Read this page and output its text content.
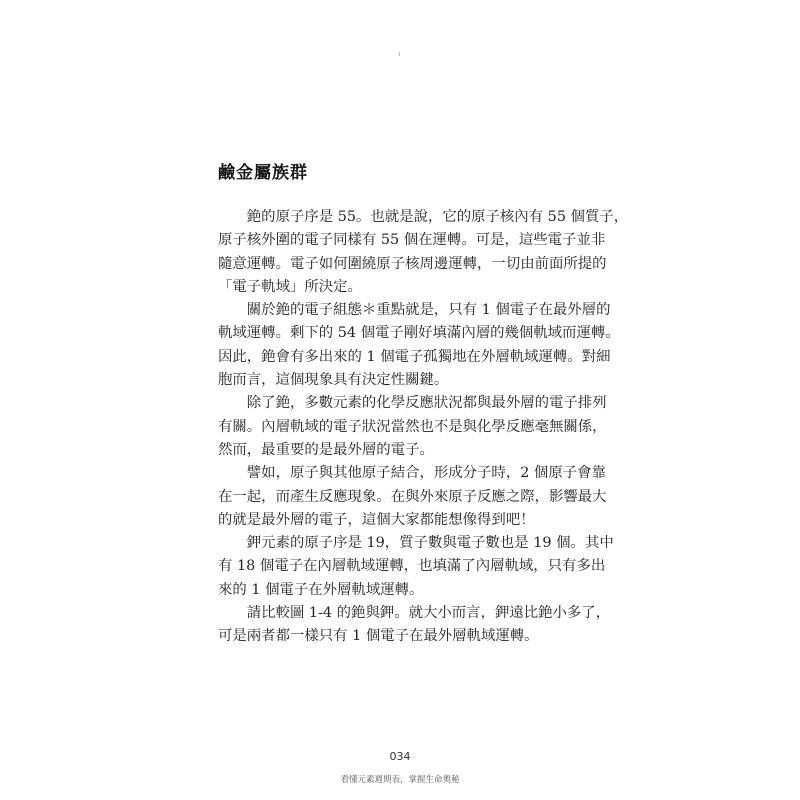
鹼金屬族群

　　銫的原子序是 55。也就是說，它的原子核內有 55 個質子，
原子核外圍的電子同樣有 55 個在運轉。可是，這些電子並非
隨意運轉。電子如何圍繞原子核周邊運轉，一切由前面所提的
「電子軌域」所決定。

　　關於銫的電子組態＊重點就是，只有 1 個電子在最外層的
軌域運轉。剩下的 54 個電子剛好填滿內層的幾個軌域而運轉。
因此，銫會有多出來的 1 個電子孤獨地在外層軌域運轉。對細
胞而言，這個現象具有決定性關鍵。

　　除了銫，多數元素的化學反應狀況都與最外層的電子排列
有關。內層軌域的電子狀況當然也不是與化學反應毫無關係，
然而，最重要的是最外層的電子。

　　譬如，原子與其他原子結合，形成分子時，2 個原子會靠
在一起，而產生反應現象。在與外來原子反應之際，影響最大
的就是最外層的電子，這個大家都能想像得到吧！

　　鉀元素的原子序是 19，質子數與電子數也是 19 個。其中
有 18 個電子在內層軌域運轉，也填滿了內層軌域，只有多出
來的 1 個電子在外層軌域運轉。

　　請比較圖 1-4 的銫與鉀。就大小而言，鉀遠比銫小多了，
可是兩者都一樣只有 1 個電子在最外層軌域運轉。

034
看懂元素週期表，掌握生命奧秘
